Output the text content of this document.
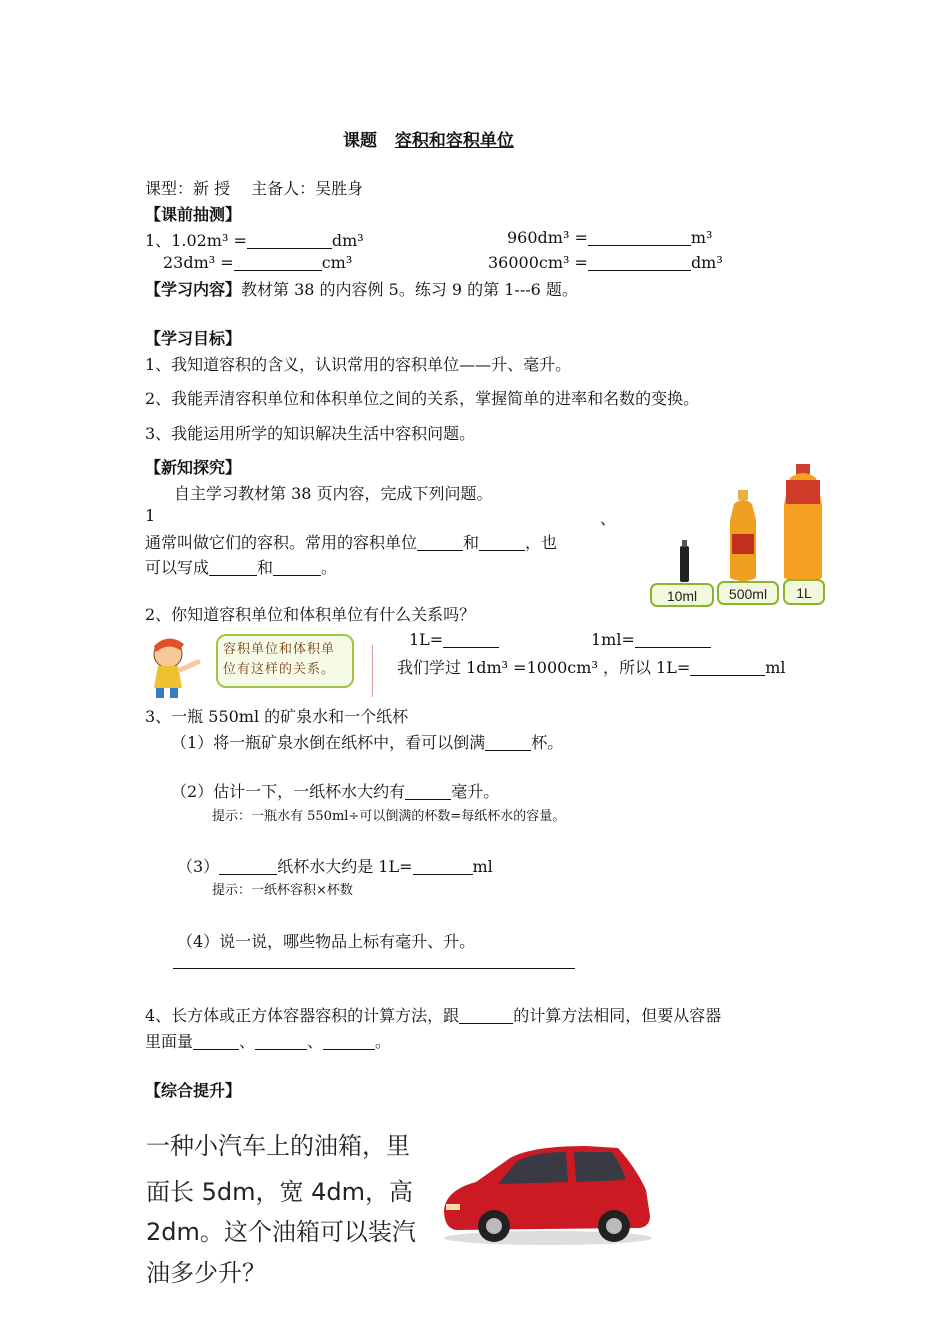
课题 容积和容积单位
课型：新 授　 主备人：吴胜身
【课前抽测】
1、1.02m³ =	dm³	960dm³ =	m³
23dm³ =	cm³	36000cm³ =	dm³
【学习内容】教材第 38 的内容例 5。练习 9 的第 1---6 题。
【学习目标】
1、我知道容积的含义，认识常用的容积单位——升、毫升。
2、我能弄清容积单位和体积单位之间的关系，掌握简单的进率和名数的变换。
3、我能运用所学的知识解决生活中容积问题。
【新知探究】
自主学习教材第 38 页内容，完成下列问题。
1	、
通常叫做它们的容积。常用的容积单位	和	，也
可以写成	和	。
10ml 500ml 1L
2、你知道容积单位和体积单位有什么关系吗？
容积单位和体积单位有这样的关系。
1L=	1ml=
我们学过 1dm³ =1000cm³ ，所以 1L=	ml
3、一瓶 550ml 的矿泉水和一个纸杯
（1）将一瓶矿泉水倒在纸杯中，看可以倒满	杯。
（2）估计一下，一纸杯水大约有	毫升。
提示：一瓶水有 550ml÷可以倒满的杯数=每纸杯水的容量。
（3）	纸杯水大约是 1L=	ml
提示：一纸杯容积×杯数
（4）说一说，哪些物品上标有毫升、升。
4、长方体或正方体容器容积的计算方法，跟	的计算方法相同，但要从容器
里面量	、	、	。
【综合提升】
一种小汽车上的油箱，里
面长 5dm，宽 4dm，高
2dm。这个油箱可以装汽
油多少升？
